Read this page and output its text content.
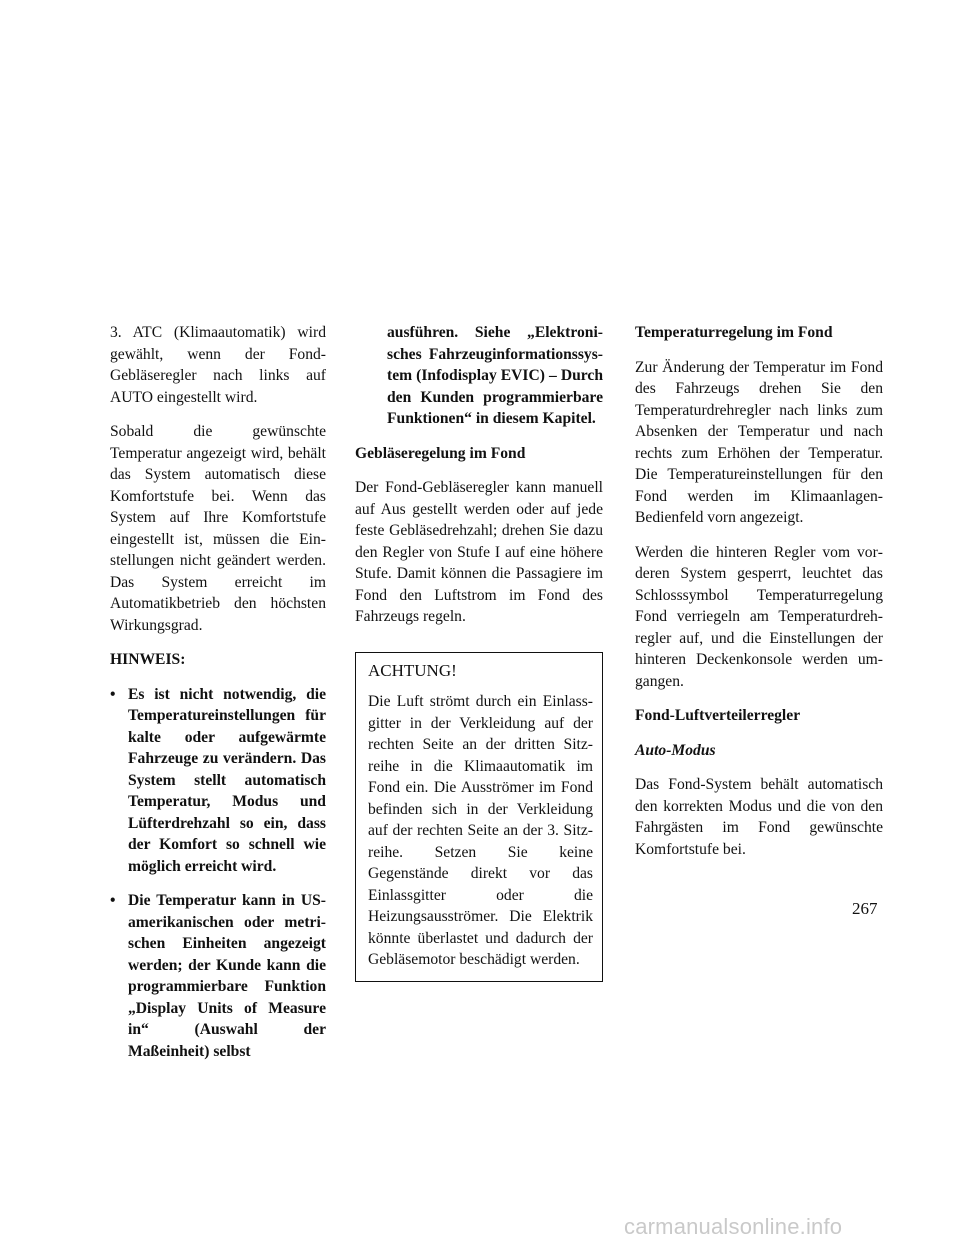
3. ATC (Klimaautomatik) wird gewählt, wenn der Fond-Gebläseregler nach links auf AUTO eingestellt wird.

Sobald die gewünschte Temperatur angezeigt wird, behält das System automatisch diese Komfortstufe bei. Wenn das System auf Ihre Komfortstufe eingestellt ist, müssen die Einstellungen nicht geändert werden. Das System erreicht im Automatikbetrieb den höchsten Wirkungsgrad.

HINWEIS:

• Es ist nicht notwendig, die Temperatureinstellungen für kalte oder aufgewärmte Fahrzeuge zu verändern. Das System stellt automatisch Temperatur, Modus und Lüfterdrehzahl so ein, dass der Komfort so schnell wie möglich erreicht wird.
• Die Temperatur kann in US-amerikanischen oder metrischen Einheiten angezeigt werden; der Kunde kann die programmierbare Funktion „Display Units of Measure in“ (Auswahl der Maßeinheit) selbst

ausführen. Siehe „Elektronisches Fahrzeuginformationssystem (Infodisplay EVIC) – Durch den Kunden programmierbare Funktionen“ in diesem Kapitel.

Gebläseregelung im Fond

Der Fond-Gebläseregler kann manuell auf Aus gestellt werden oder auf jede feste Gebläsedrehzahl; drehen Sie dazu den Regler von Stufe I auf eine höhere Stufe. Damit können die Passagiere im Fond den Luftstrom im Fond des Fahrzeugs regeln.

ACHTUNG!

Die Luft strömt durch ein Einlassgitter in der Verkleidung auf der rechten Seite an der dritten Sitzreihe in die Klimaautomatik im Fond ein. Die Ausströmer im Fond befinden sich in der Verkleidung auf der rechten Seite an der 3. Sitzreihe. Setzen Sie keine Gegenstände direkt vor das Einlassgitter oder die Heizungsausströmer. Die Elektrik könnte überlastet und dadurch der Gebläsemotor beschädigt werden.

Temperaturregelung im Fond

Zur Änderung der Temperatur im Fond des Fahrzeugs drehen Sie den Temperaturdrehregler nach links zum Absenken der Temperatur und nach rechts zum Erhöhen der Temperatur. Die Temperatureinstellungen für den Fond werden im Klimaanlagen-Bedienfeld vorn angezeigt.

Werden die hinteren Regler vom vorderen System gesperrt, leuchtet das Schlosssymbol Temperaturregelung Fond verriegeln am Temperaturdrehregler auf, und die Einstellungen der hinteren Deckenkonsole werden umgangen.

Fond-Luftverteilerregler

Auto-Modus

Das Fond-System behält automatisch den korrekten Modus und die von den Fahrgästen im Fond gewünschte Komfortstufe bei.

267
carmanualsonline.info
